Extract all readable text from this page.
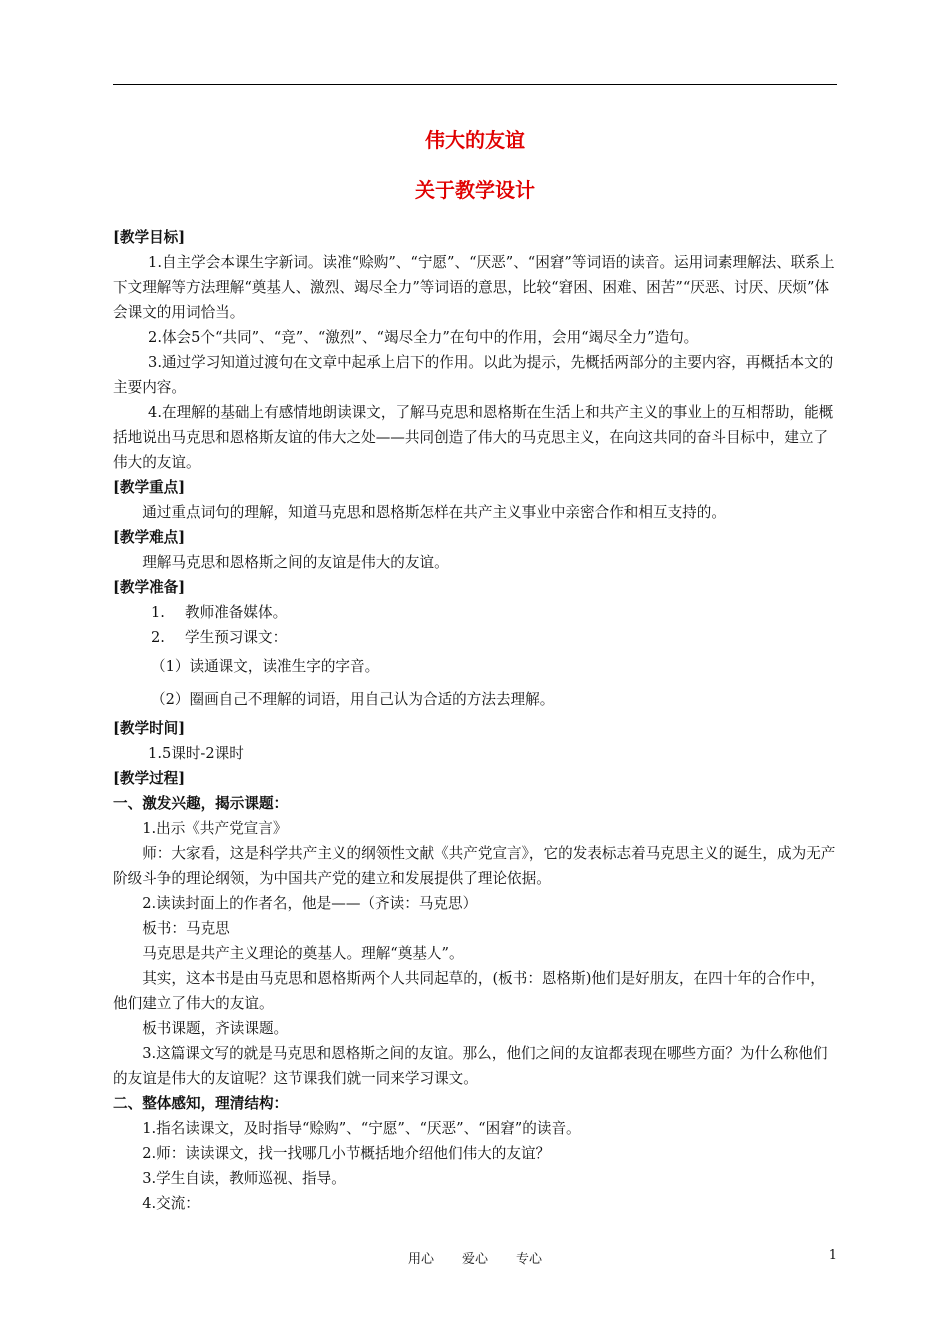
伟大的友谊
关于教学设计

[教学目标]

1.自主学会本课生字新词。读准“赊购”、“宁愿”、“厌恶”、“困窘”等词语的读音。运用词素理解法、联系上下文理解等方法理解“奠基人、激烈、竭尽全力”等词语的意思，比较“窘困、困难、困苦”“厌恶、讨厌、厌烦”体会课文的用词恰当。

2.体会5个“共同”、“竞”、“激烈”、“竭尽全力”在句中的作用，会用“竭尽全力”造句。

3.通过学习知道过渡句在文章中起承上启下的作用。以此为提示，先概括两部分的主要内容，再概括本文的主要内容。

4.在理解的基础上有感情地朗读课文，了解马克思和恩格斯在生活上和共产主义的事业上的互相帮助，能概括地说出马克思和恩格斯友谊的伟大之处——共同创造了伟大的马克思主义，在向这共同的奋斗目标中，建立了伟大的友谊。

[教学重点]

通过重点词句的理解，知道马克思和恩格斯怎样在共产主义事业中亲密合作和相互支持的。

[教学难点]

理解马克思和恩格斯之间的友谊是伟大的友谊。

[教学准备]

1. 教师准备媒体。

2. 学生预习课文：

（1）读通课文，读准生字的字音。

（2）圈画自己不理解的词语，用自己认为合适的方法去理解。

[教学时间]

1.5课时-2课时

[教学过程]

一、激发兴趣，揭示课题：

1.出示《共产党宣言》

师：大家看，这是科学共产主义的纲领性文献《共产党宣言》，它的发表标志着马克思主义的诞生，成为无产阶级斗争的理论纲领，为中国共产党的建立和发展提供了理论依据。

2.读读封面上的作者名，他是——（齐读：马克思）

板书：马克思

马克思是共产主义理论的奠基人。理解“奠基人”。

其实，这本书是由马克思和恩格斯两个人共同起草的，(板书：恩格斯)他们是好朋友，在四十年的合作中，他们建立了伟大的友谊。

板书课题，齐读课题。

3.这篇课文写的就是马克思和恩格斯之间的友谊。那么，他们之间的友谊都表现在哪些方面？为什么称他们的友谊是伟大的友谊呢？这节课我们就一同来学习课文。

二、整体感知，理清结构：

1.指名读课文，及时指导“赊购”、“宁愿”、“厌恶”、“困窘”的读音。

2.师：读读课文，找一找哪几小节概括地介绍他们伟大的友谊？

3.学生自读，教师巡视、指导。

4.交流：

用心 爱心 专心	1
